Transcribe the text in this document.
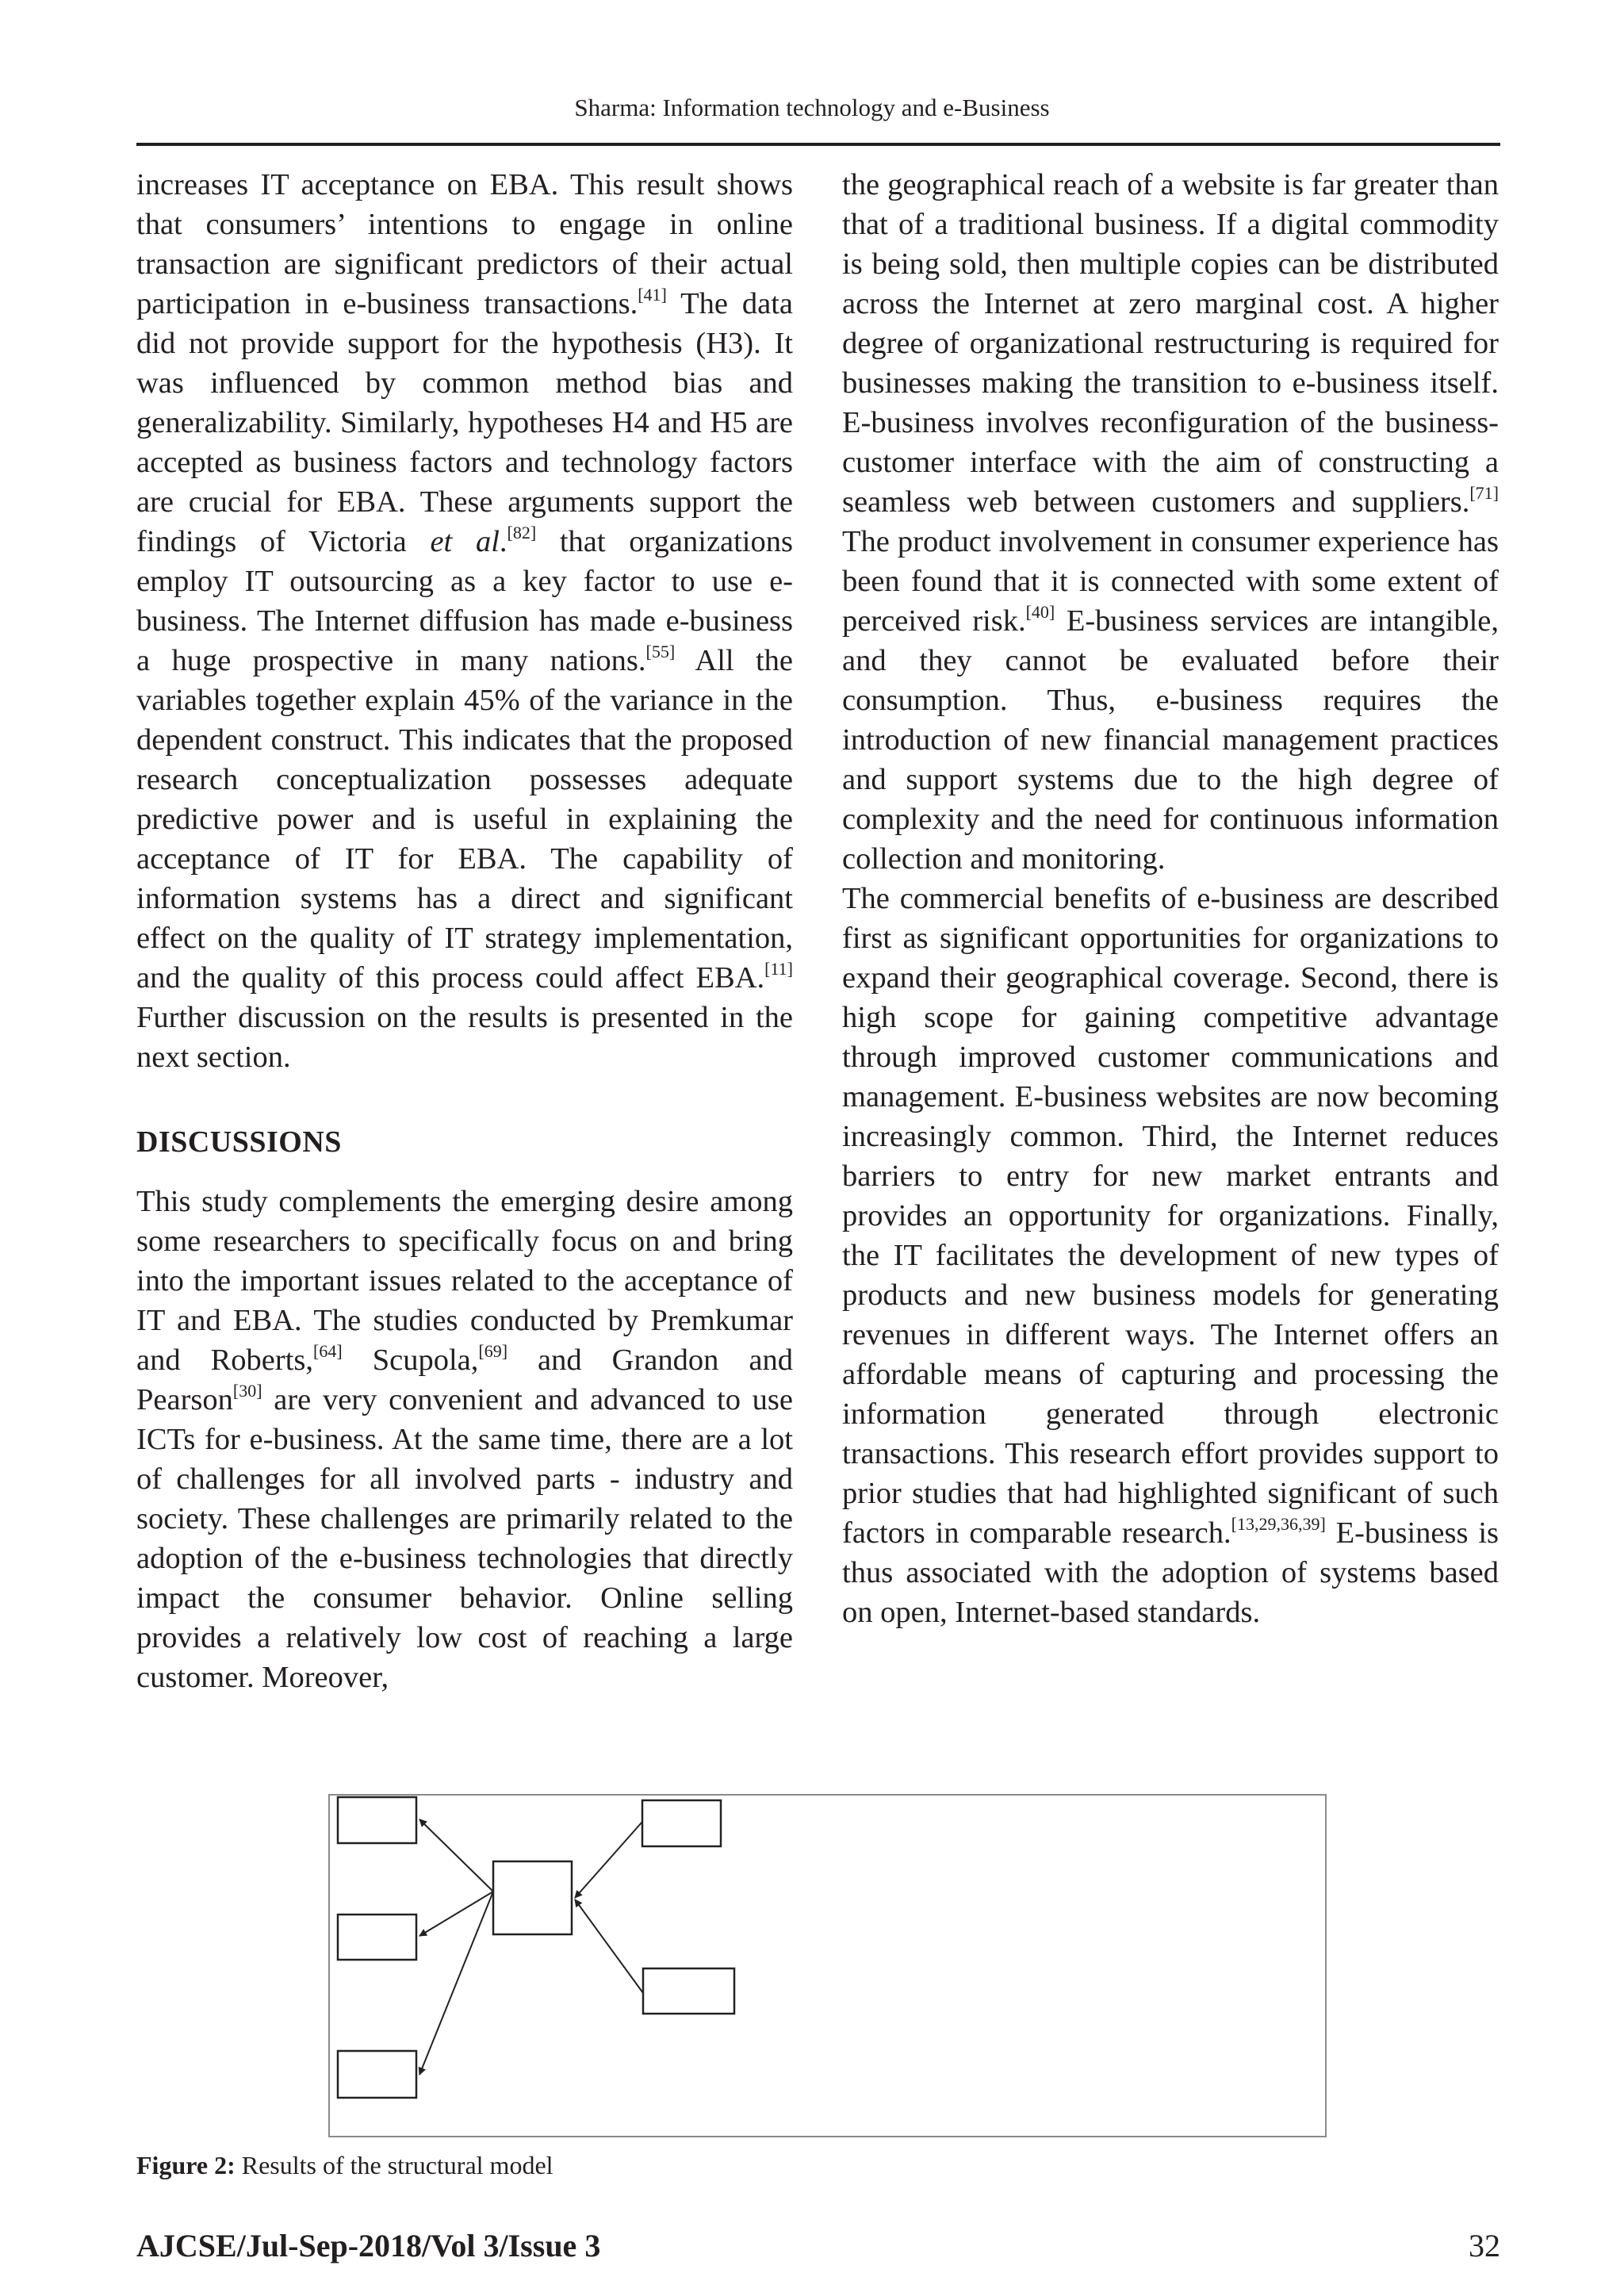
Sharma: Information technology and e-Business

increases IT acceptance on EBA. This result shows that consumers’ intentions to engage in online transaction are significant predictors of their actual participation in e-business transactions.[41] The data did not provide support for the hypothesis (H3). It was influenced by common method bias and generalizability. Similarly, hypotheses H4 and H5 are accepted as business factors and technology factors are crucial for EBA. These arguments support the findings of Victoria et al.[82] that organizations employ IT outsourcing as a key factor to use e-business. The Internet diffusion has made e-business a huge prospective in many nations.[55] All the variables together explain 45% of the variance in the dependent construct. This indicates that the proposed research conceptualization possesses adequate predictive power and is useful in explaining the acceptance of IT for EBA. The capability of information systems has a direct and significant effect on the quality of IT strategy implementation, and the quality of this process could affect EBA.[11] Further discussion on the results is presented in the next section.

DISCUSSIONS

This study complements the emerging desire among some researchers to specifically focus on and bring into the important issues related to the acceptance of IT and EBA. The studies conducted by Premkumar and Roberts,[64] Scupola,[69] and Grandon and Pearson[30] are very convenient and advanced to use ICTs for e-business. At the same time, there are a lot of challenges for all involved parts - industry and society. These challenges are primarily related to the adoption of the e-business technologies that directly impact the consumer behavior. Online selling provides a relatively low cost of reaching a large customer. Moreover,

the geographical reach of a website is far greater than that of a traditional business. If a digital commodity is being sold, then multiple copies can be distributed across the Internet at zero marginal cost. A higher degree of organizational restructuring is required for businesses making the transition to e-business itself. E-business involves reconfiguration of the business-customer interface with the aim of constructing a seamless web between customers and suppliers.[71] The product involvement in consumer experience has been found that it is connected with some extent of perceived risk.[40] E-business services are intangible, and they cannot be evaluated before their consumption. Thus, e-business requires the introduction of new financial management practices and support systems due to the high degree of complexity and the need for continuous information collection and monitoring.

The commercial benefits of e-business are described first as significant opportunities for organizations to expand their geographical coverage. Second, there is high scope for gaining competitive advantage through improved customer communications and management. E-business websites are now becoming increasingly common. Third, the Internet reduces barriers to entry for new market entrants and provides an opportunity for organizations. Finally, the IT facilitates the development of new types of products and new business models for generating revenues in different ways. The Internet offers an affordable means of capturing and processing the information generated through electronic transactions. This research effort provides support to prior studies that had highlighted significant of such factors in comparable research.[13,29,36,39] E-business is thus associated with the adoption of systems based on open, Internet-based standards.

Figure 2: Results of the structural model
AJCSE/Jul-Sep-2018/Vol 3/Issue 3	32
